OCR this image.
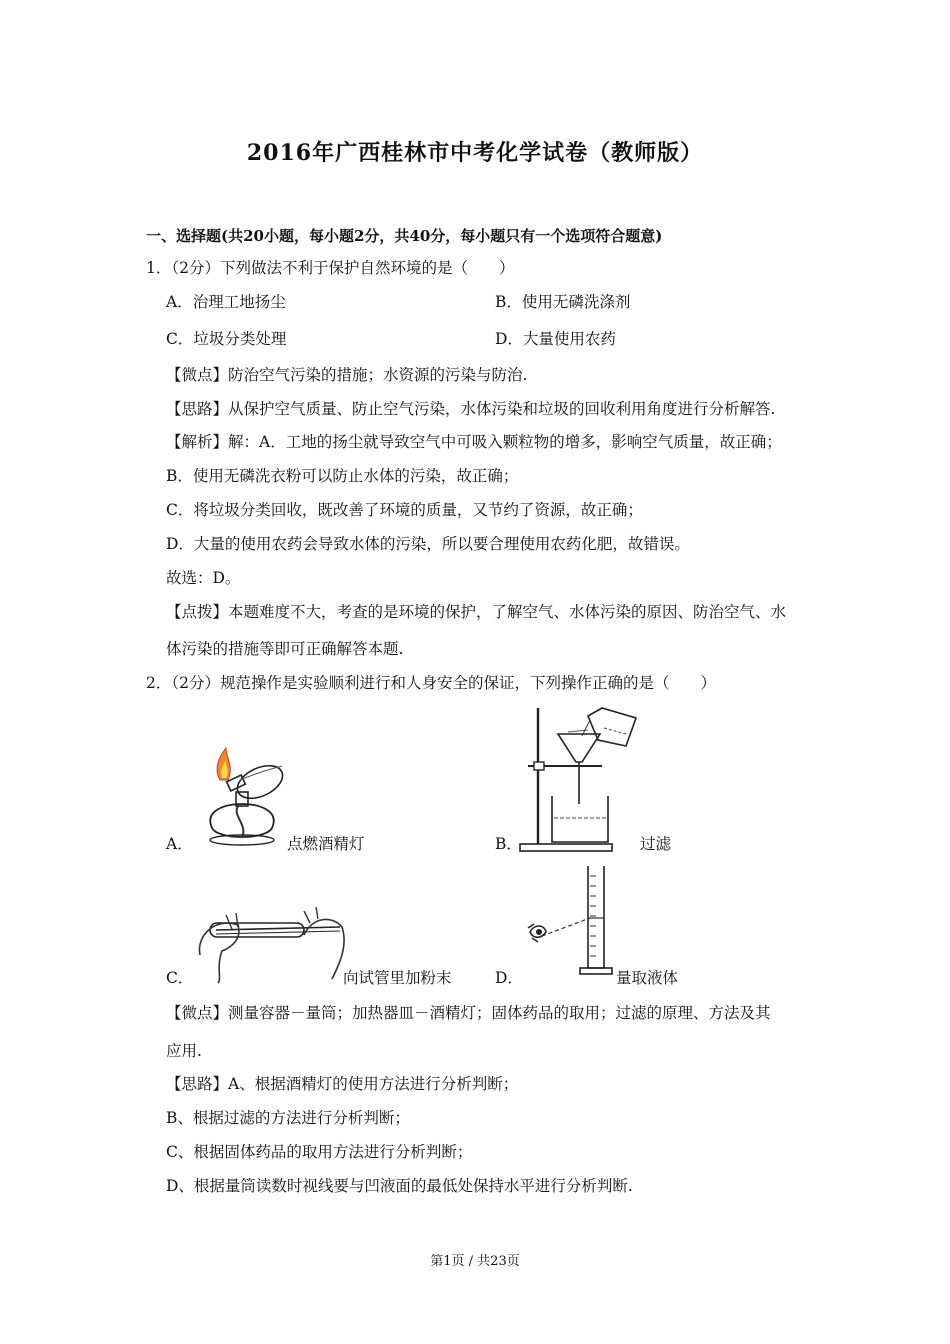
2016年广西桂林市中考化学试卷（教师版）
一、选择题(共20小题，每小题2分，共40分，每小题只有一个选项符合题意)
1．（2分）下列做法不利于保护自然环境的是（　　）
A．治理工地扬尘	B．使用无磷洗涤剂
C．垃圾分类处理	D．大量使用农药
【微点】防治空气污染的措施；水资源的污染与防治.
【思路】从保护空气质量、防止空气污染，水体污染和垃圾的回收利用角度进行分析解答.
【解析】解：A．工地的扬尘就导致空气中可吸入颗粒物的增多，影响空气质量，故正确；
B．使用无磷洗衣粉可以防止水体的污染，故正确；
C．将垃圾分类回收，既改善了环境的质量，又节约了资源，故正确；
D．大量的使用农药会导致水体的污染，所以要合理使用农药化肥，故错误。
故选：D。
【点拨】本题难度不大，考查的是环境的保护，了解空气、水体污染的原因、防治空气、水
体污染的措施等即可正确解答本题.
2．（2分）规范操作是实验顺利进行和人身安全的保证，下列操作正确的是（　　）
A．	点燃酒精灯	B．	过滤
C．	向试管里加粉末	D．	量取液体
【微点】测量容器－量筒；加热器皿－酒精灯；固体药品的取用；过滤的原理、方法及其
应用.
【思路】A、根据酒精灯的使用方法进行分析判断；
B、根据过滤的方法进行分析判断；
C、根据固体药品的取用方法进行分析判断；
D、根据量筒读数时视线要与凹液面的最低处保持水平进行分析判断.
第1页 / 共23页
